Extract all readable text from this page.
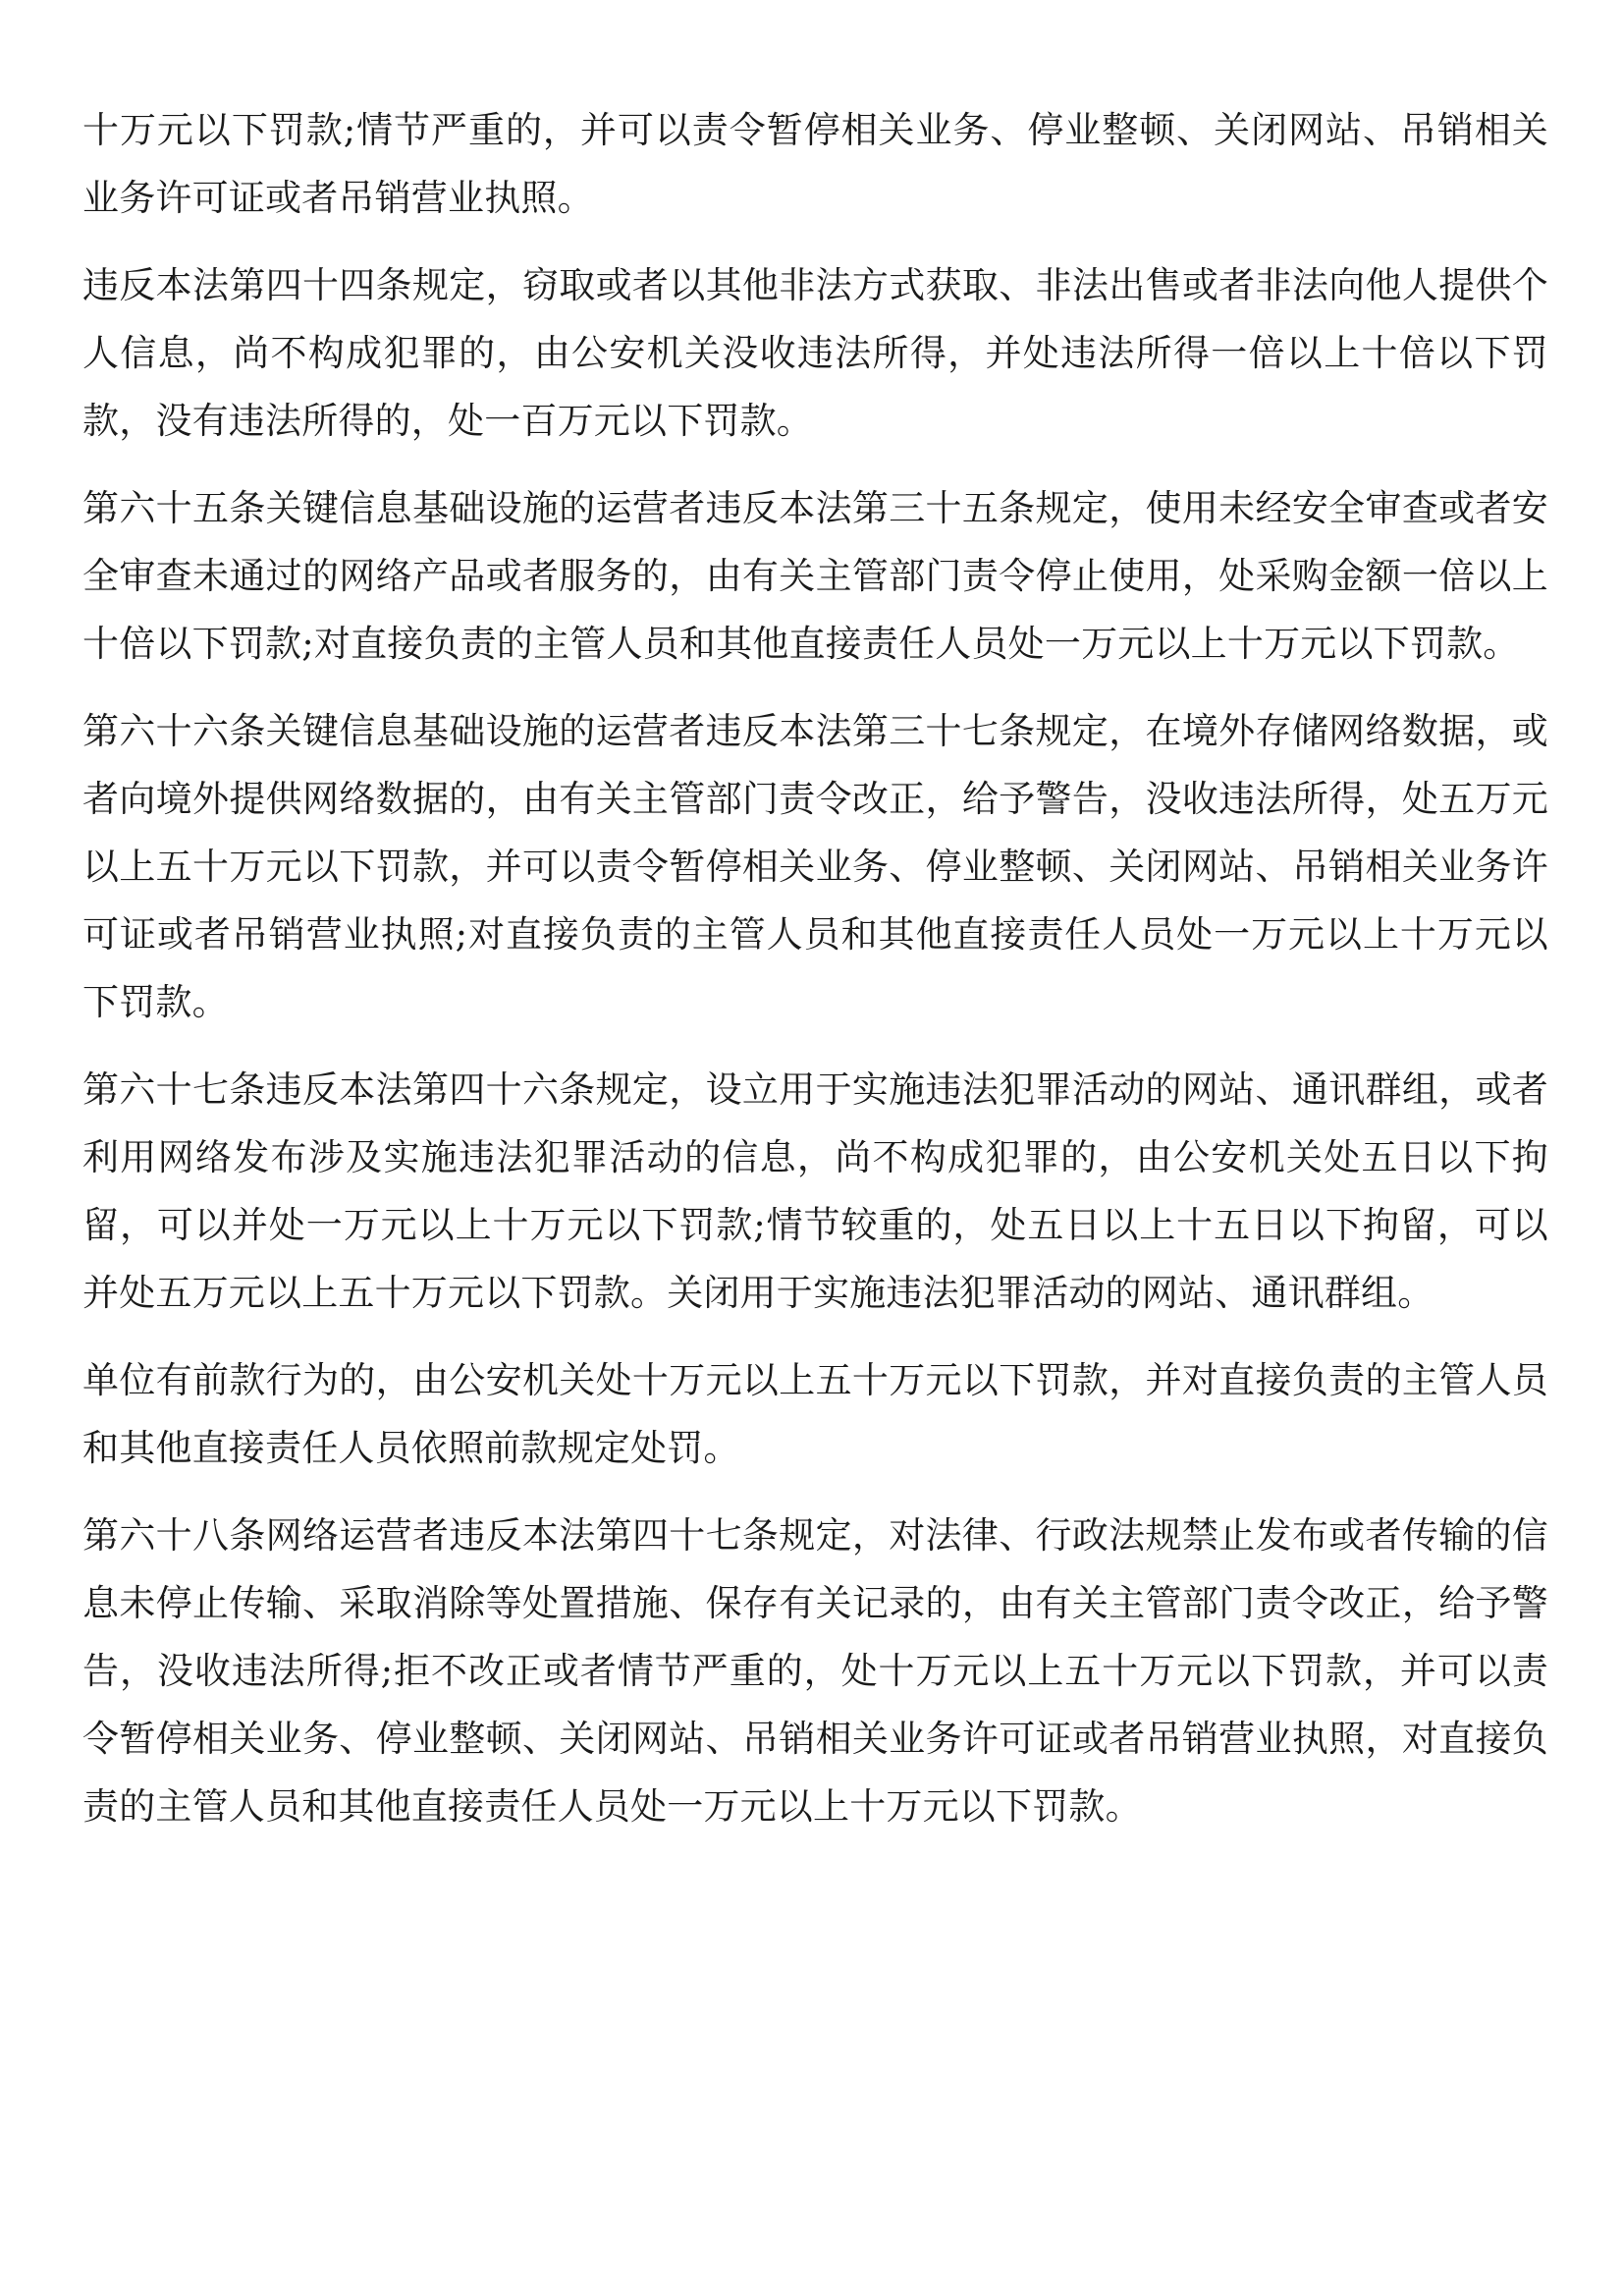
十万元以下罚款;情节严重的，并可以责令暂停相关业务、停业整顿、关闭网站、吊销相关业务许可证或者吊销营业执照。

违反本法第四十四条规定，窃取或者以其他非法方式获取、非法出售或者非法向他人提供个人信息，尚不构成犯罪的，由公安机关没收违法所得，并处违法所得一倍以上十倍以下罚款，没有违法所得的，处一百万元以下罚款。

第六十五条关键信息基础设施的运营者违反本法第三十五条规定，使用未经安全审查或者安全审查未通过的网络产品或者服务的，由有关主管部门责令停止使用，处采购金额一倍以上十倍以下罚款;对直接负责的主管人员和其他直接责任人员处一万元以上十万元以下罚款。

第六十六条关键信息基础设施的运营者违反本法第三十七条规定，在境外存储网络数据，或者向境外提供网络数据的，由有关主管部门责令改正，给予警告，没收违法所得，处五万元以上五十万元以下罚款，并可以责令暂停相关业务、停业整顿、关闭网站、吊销相关业务许可证或者吊销营业执照;对直接负责的主管人员和其他直接责任人员处一万元以上十万元以下罚款。

第六十七条违反本法第四十六条规定，设立用于实施违法犯罪活动的网站、通讯群组，或者利用网络发布涉及实施违法犯罪活动的信息，尚不构成犯罪的，由公安机关处五日以下拘留，可以并处一万元以上十万元以下罚款;情节较重的，处五日以上十五日以下拘留，可以并处五万元以上五十万元以下罚款。关闭用于实施违法犯罪活动的网站、通讯群组。

单位有前款行为的，由公安机关处十万元以上五十万元以下罚款，并对直接负责的主管人员和其他直接责任人员依照前款规定处罚。

第六十八条网络运营者违反本法第四十七条规定，对法律、行政法规禁止发布或者传输的信息未停止传输、采取消除等处置措施、保存有关记录的，由有关主管部门责令改正，给予警告，没收违法所得;拒不改正或者情节严重的，处十万元以上五十万元以下罚款，并可以责令暂停相关业务、停业整顿、关闭网站、吊销相关业务许可证或者吊销营业执照，对直接负责的主管人员和其他直接责任人员处一万元以上十万元以下罚款。
